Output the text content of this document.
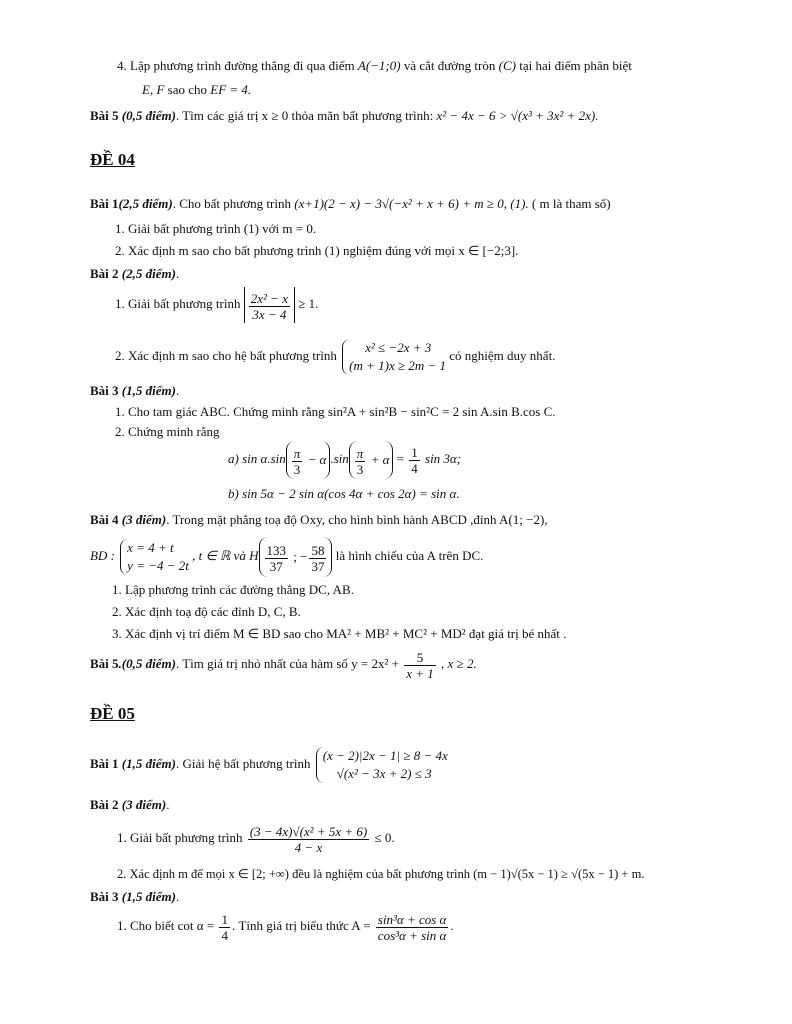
4. Lập phương trình đường thẳng đi qua điểm A(−1;0) và cắt đường tròn (C) tại hai điểm phân biệt
E, F sao cho EF = 4.
Bài 5 (0,5 điểm). Tìm các giá trị x ≥ 0 thỏa mãn bất phương trình: x² − 4x − 6 > √(x³ + 3x² + 2x).
ĐỀ 04
Bài 1(2,5 điểm). Cho bất phương trình (x+1)(2 − x) − 3√(−x² + x + 6) + m ≥ 0, (1). ( m là tham số)
1. Giải bất phương trình (1) với m = 0.
2. Xác định m sao cho bất phương trình (1) nghiệm đúng với mọi x ∈ [−2;3].
Bài 2 (2,5 điểm).
1. Giải bất phương trình $\frac{\text{2x² − x}}{3x - 4} \ge 1$.
2. Xác định m sao cho hệ bất phương trình
x² ≤ −2x + 3
(m + 1)x ≥ 2m − 1
có nghiệm duy nhất.
Bài 3 (1,5 điểm).
1. Cho tam giác ABC. Chứng minh rằng sin²A + sin²B − sin²C = 2 sin A.sin B.cos C.
2. Chứng minh rằng
a) $\sin \alpha.\sin \frac{\pi}{3} - \alpha$ $.\sin \frac{\pi}{3} + \alpha = \frac{1}{4}$ sin 3α;
b) sin 5α − 2 sin α(cos 4α + cos 2α) = sin α.
Bài 4 (3 điểm). Trong mặt phẳng toạ độ Oxy, cho hình bình hành ABCD ,đỉnh A(1; −2),
BD :
x = 4 + t
y = −4 − 2t
, t ∈ ℝ và H $\frac{133}{37}$ ; − $\frac{58}{37}$ là hình chiếu của A trên DC.
1. Lập phương trình các đường thẳng DC, AB.
2. Xác định toạ độ các đỉnh D, C, B.
3. Xác định vị trí điểm M ∈ BD sao cho MA² + MB² + MC² + MD² đạt giá trị bé nhất .
Bài 5.(0,5 điểm). Tìm giá trị nhỏ nhất của hàm số $y = 2x^2 + \frac{5}{x + 1}$ , x ≥ 2.
ĐỀ 05
Bài 1 (1,5 điểm). Giải hệ bất phương trình
(x − 2)|2x − 1| ≥ 8 − 4x
√(x² − 3x + 2) ≤ 3
Bài 2 (3 điểm).
1. Giải bất phương trình $\frac{\text{(3 − 4x)√(x² + 5x + 6)}}{4 - x} \le 0$.
2. Xác định m để mọi x ∈ [2; +∞) đều là nghiệm của bất phương trình (m − 1)√(5x − 1) ≥ √(5x − 1) + m.
Bài 3 (1,5 điểm).
1. Cho biết $\cot \alpha = \frac{1}{4}$ . Tính giá trị biểu thức $A = \frac{\text{sin³α + cos α}}{\text{cos³α + sin α}}$ .
